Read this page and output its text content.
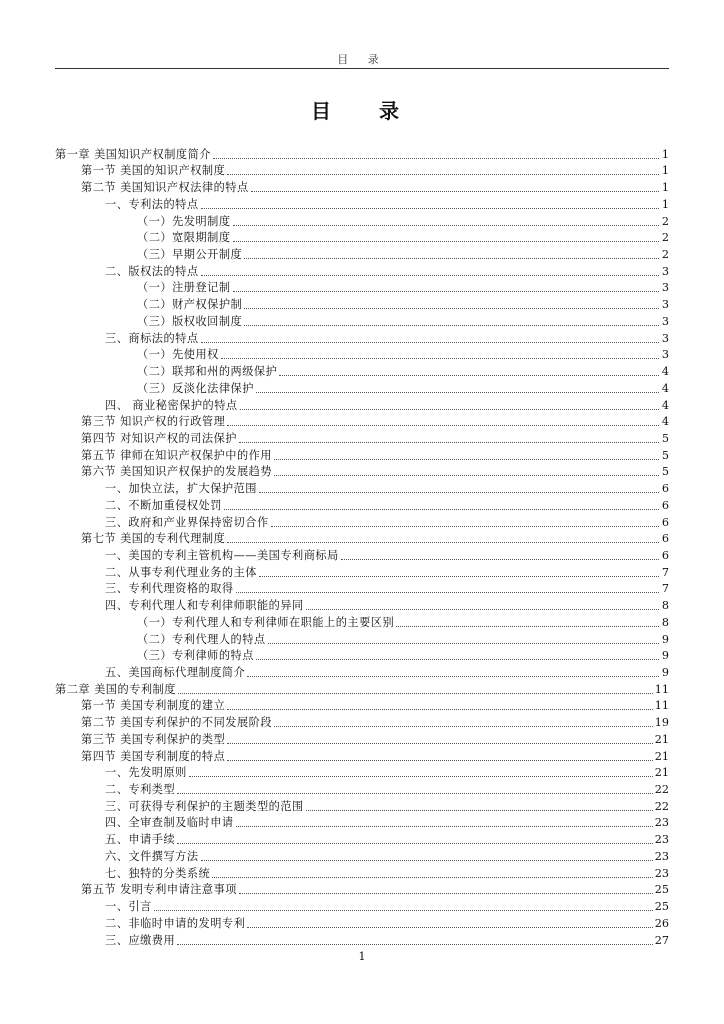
目 录
目　录
第一章 美国知识产权制度简介	1
第一节 美国的知识产权制度	1
第二节 美国知识产权法律的特点	1
一、专利法的特点	1
（一）先发明制度	2
（二）宽限期制度	2
（三）早期公开制度	2
二、版权法的特点	3
（一）注册登记制	3
（二）财产权保护制	3
（三）版权收回制度	3
三、商标法的特点	3
（一）先使用权	3
（二）联邦和州的两级保护	4
（三）反淡化法律保护	4
四、 商业秘密保护的特点	4
第三节 知识产权的行政管理	4
第四节 对知识产权的司法保护	5
第五节 律师在知识产权保护中的作用	5
第六节 美国知识产权保护的发展趋势	5
一、加快立法，扩大保护范围	6
二、不断加重侵权处罚	6
三、政府和产业界保持密切合作	6
第七节 美国的专利代理制度	6
一、美国的专利主管机构——美国专利商标局	6
二、从事专利代理业务的主体	7
三、专利代理资格的取得	7
四、专利代理人和专利律师职能的异同	8
（一）专利代理人和专利律师在职能上的主要区别	8
（二）专利代理人的特点	9
（三）专利律师的特点	9
五、美国商标代理制度简介	9
第二章 美国的专利制度	11
第一节 美国专利制度的建立	11
第二节 美国专利保护的不同发展阶段	19
第三节 美国专利保护的类型	21
第四节 美国专利制度的特点	21
一、先发明原则	21
二、专利类型	22
三、可获得专利保护的主题类型的范围	22
四、全审查制及临时申请	23
五、申请手续	23
六、文件撰写方法	23
七、独特的分类系统	23
第五节 发明专利申请注意事项	25
一、引言	25
二、非临时申请的发明专利	26
三、应缴费用	27
1
